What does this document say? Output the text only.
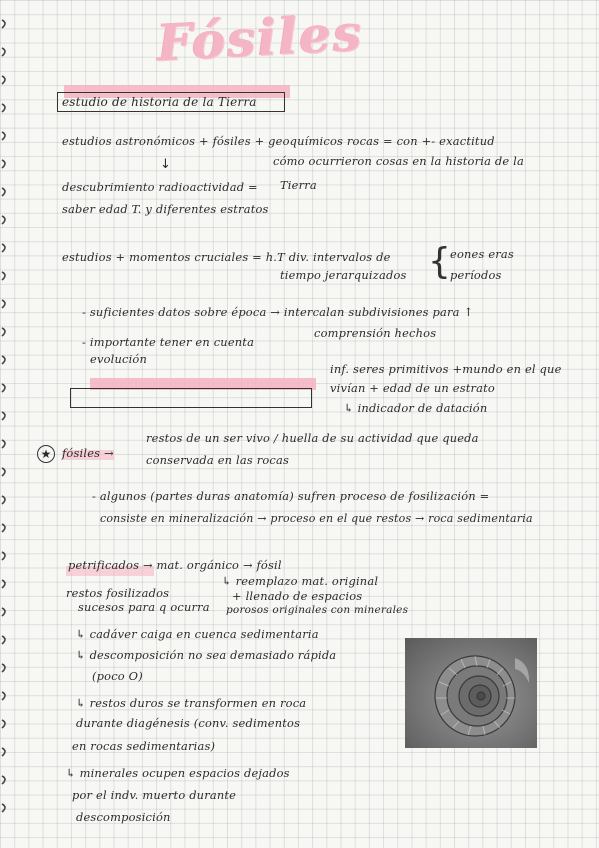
Fósiles
estudio de historia de la Tierra
estudios astronómicos + fósiles + geoquímicos rocas = con +- exactitud
↓	cómo ocurrieron cosas en la historia de la
descubrimiento radioactividad = Tierra
saber edad T. y diferentes estratos
estudios + momentos cruciales = h.T div. intervalos de
tiempo jerarquizados { eones eras
períodos
- suficientes datos sobre época → intercalan subdivisiones para ↑
comprensión hechos
- importante tener en cuenta
evolución
inf. seres primitivos +mundo en el que
vivían + edad de un estrato
↳ indicador de datación
★
restos de un ser vivo / huella de su actividad que queda
fósiles →	conservada en las rocas
- algunos (partes duras anatomía) sufren proceso de fosilización =
consiste en mineralización → proceso en el que restos → roca sedimentaria
petrificados → mat. orgánico → fósil
↳ reemplazo mat. original
restos fosilizados	+ llenado de espacios
sucesos para q ocurra porosos originales con minerales
↳ cadáver caiga en cuenca sedimentaria
↳ descomposición no sea demasiado rápida
(poco O)
↳ restos duros se transformen en roca
durante diagénesis (conv. sedimentos
en rocas sedimentarias)
↳ minerales ocupen espacios dejados
por el indv. muerto durante
descomposición
